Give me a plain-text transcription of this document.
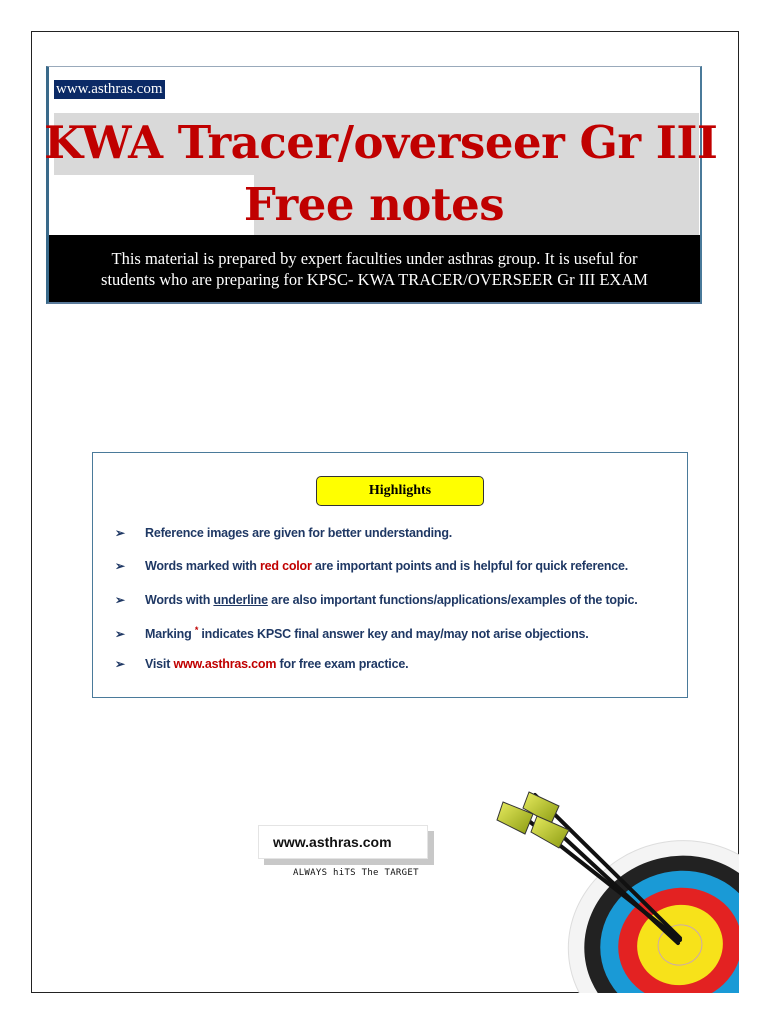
www.asthras.com
KWA Tracer/overseer Gr III
Free notes
This material is prepared by expert faculties under asthras group. It is useful for
students who are preparing for KPSC- KWA TRACER/OVERSEER Gr III EXAM
Highlights
➢ Reference images are given for better understanding.
➢ Words marked with red color are important points and is helpful for quick reference.
➢ Words with underline are also important functions/applications/examples of the topic.
➢ Marking * indicates KPSC final answer key and may/may not arise objections.
➢ Visit www.asthras.com for free exam practice.
www.asthras.com
ALWAYS hiTS The TARGET
